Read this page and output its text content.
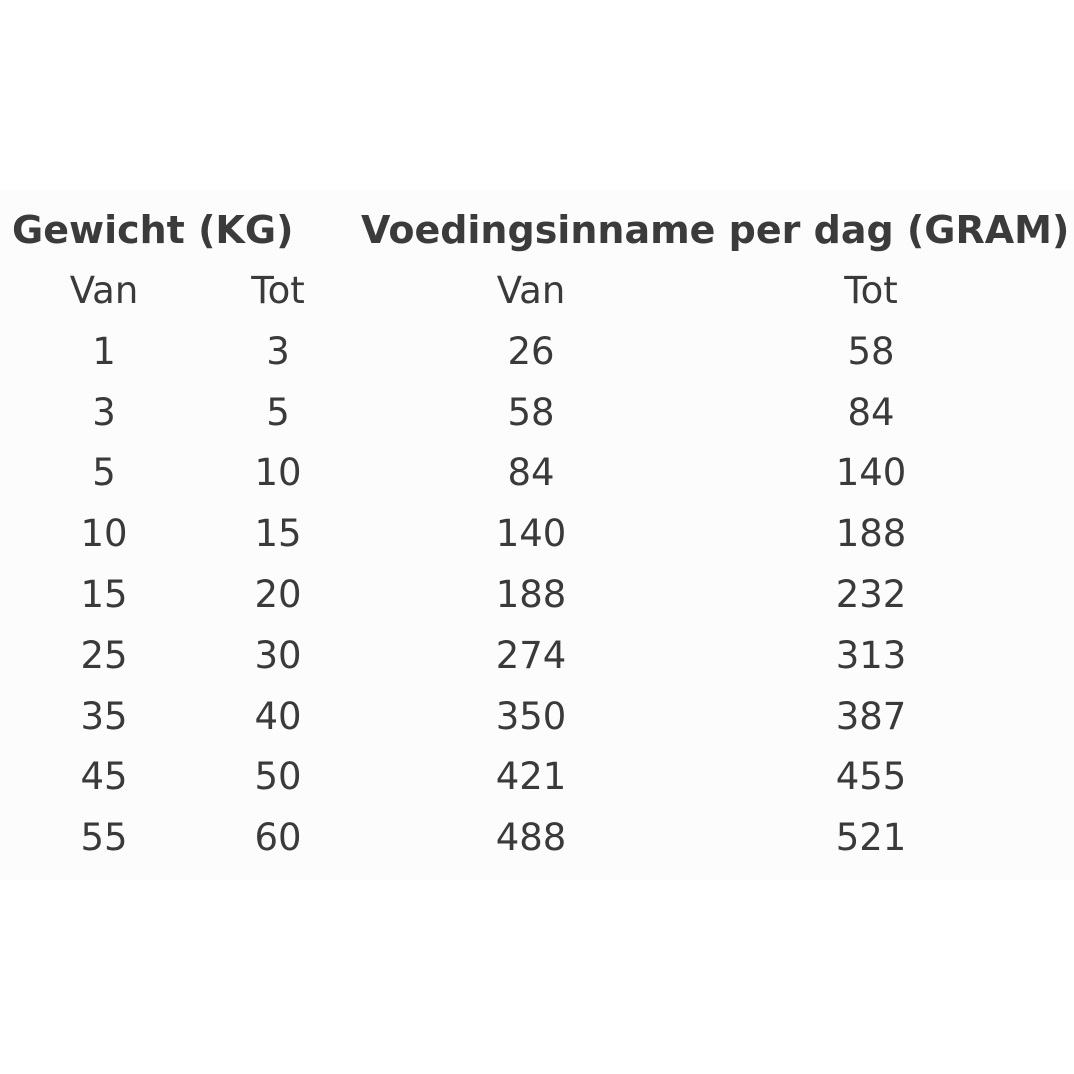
Gewicht (KG) Voedingsinname per dag (GRAM)
Van	Tot	Van	Tot
1	3	26	58
3	5	58	84
5	10	84	140
10	15	140	188
15	20	188	232
25	30	274	313
35	40	350	387
45	50	421	455
55	60	488	521
